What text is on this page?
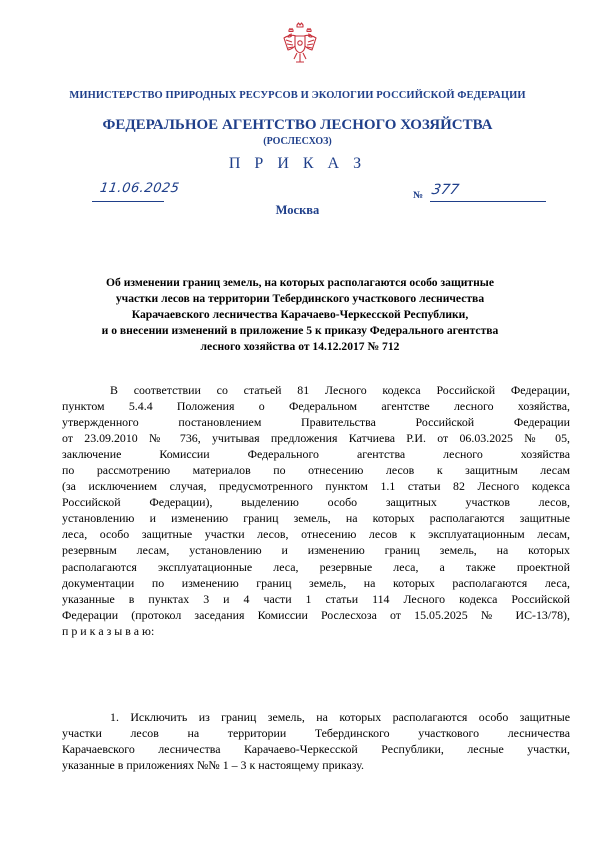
МИНИСТЕРСТВО ПРИРОДНЫХ РЕСУРСОВ И ЭКОЛОГИИ РОССИЙСКОЙ ФЕДЕРАЦИИ
ФЕДЕРАЛЬНОЕ АГЕНТСТВО ЛЕСНОГО ХОЗЯЙСТВА
(РОСЛЕСХОЗ)
П Р И К А З
11.06.2025	№ 377
Москва
Об изменении границ земель, на которых располагаются особо защитные
участки лесов на территории Тебердинского участкового лесничества
Карачаевского лесничества Карачаево-Черкесской Республики,
и о внесении изменений в приложение 5 к приказу Федерального агентства
лесного хозяйства от 14.12.2017 № 712
В соответствии со статьей 81 Лесного кодекса Российской Федерации,
пунктом 5.4.4 Положения о Федеральном агентстве лесного хозяйства,
утвержденного постановлением Правительства Российской Федерации
от 23.09.2010 № 736, учитывая предложения Катчиева Р.И. от 06.03.2025 № 05,
заключение Комиссии Федерального агентства лесного хозяйства
по рассмотрению материалов по отнесению лесов к защитным лесам
(за исключением случая, предусмотренного пунктом 1.1 статьи 82 Лесного кодекса
Российской Федерации), выделению особо защитных участков лесов,
установлению и изменению границ земель, на которых располагаются защитные
леса, особо защитные участки лесов, отнесению лесов к эксплуатационным лесам,
резервным лесам, установлению и изменению границ земель, на которых
располагаются эксплуатационные леса, резервные леса, а также проектной
документации по изменению границ земель, на которых располагаются леса,
указанные в пунктах 3 и 4 части 1 статьи 114 Лесного кодекса Российской
Федерации (протокол заседания Комиссии Рослесхоза от 15.05.2025 № ИС-13/78),
п р и к а з ы в а ю:
1. Исключить из границ земель, на которых располагаются особо защитные
участки лесов на территории Тебердинского участкового лесничества
Карачаевского лесничества Карачаево-Черкесской Республики, лесные участки,
указанные в приложениях №№ 1 – 3 к настоящему приказу.
